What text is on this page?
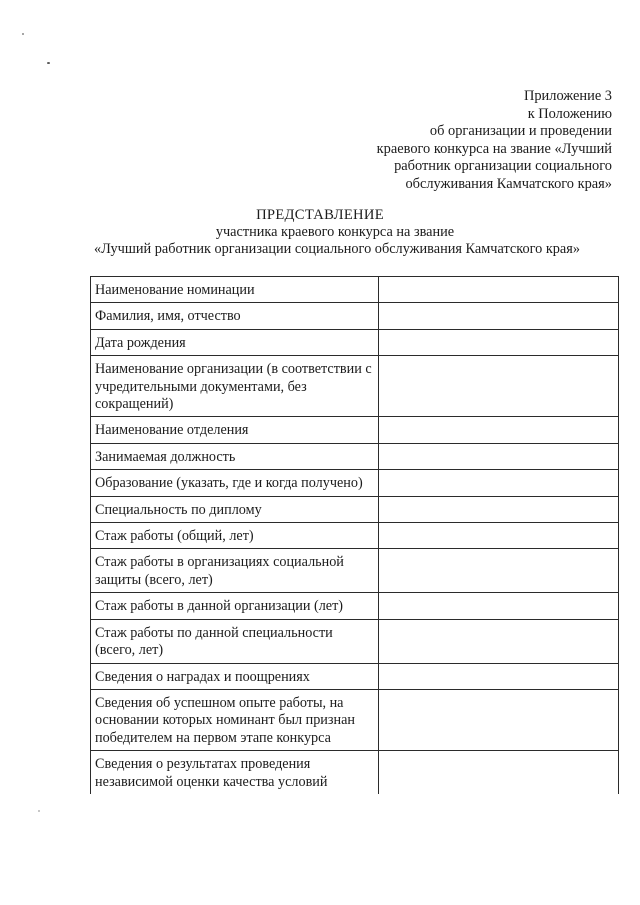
Приложение 3
к Положению
об организации и проведении
краевого конкурса на звание «Лучший
работник организации социального
обслуживания Камчатского края»
ПРЕДСТАВЛЕНИЕ
участника краевого конкурса на звание
«Лучший работник организации социального обслуживания Камчатского края»
Наименование номинации	
Фамилия, имя, отчество	
Дата рождения	
Наименование организации (в соответствии с учредительными документами, без сокращений)	
Наименование отделения	
Занимаемая должность	
Образование (указать, где и когда получено)	
Специальность по диплому	
Стаж работы (общий, лет)	
Стаж работы в организациях социальной защиты (всего, лет)	
Стаж работы в данной организации (лет)	
Стаж работы по данной специальности (всего, лет)	
Сведения о наградах и поощрениях	
Сведения об успешном опыте работы, на основании которых номинант был признан победителем на первом этапе конкурса	
Сведения о результатах проведения независимой оценки качества условий	
